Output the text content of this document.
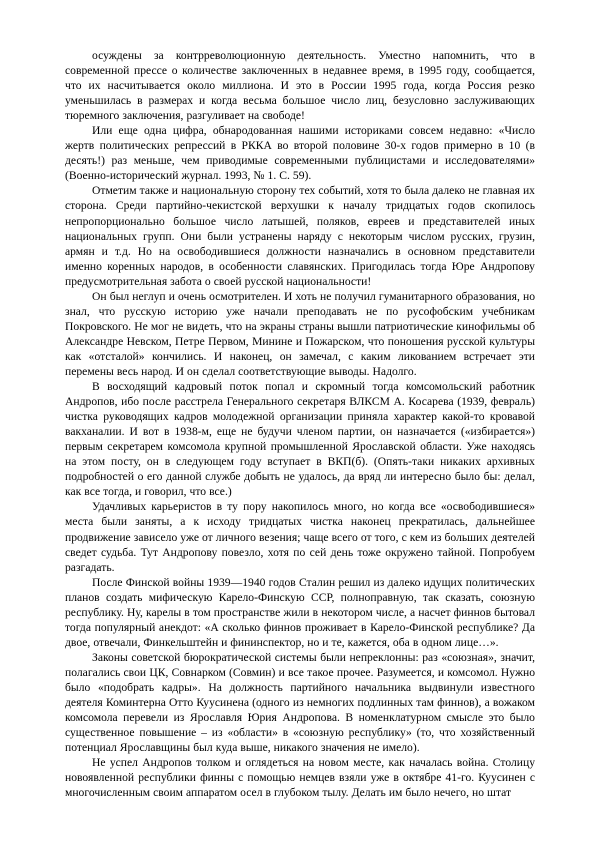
осуждены за контрреволюционную деятельность. Уместно напомнить, что в современной прессе о количестве заключенных в недавнее время, в 1995 году, сообщается, что их насчитывается около миллиона. И это в России 1995 года, когда Россия резко уменьшилась в размерах и когда весьма большое число лиц, безусловно заслуживающих тюремного заключения, разгуливает на свободе!

Или еще одна цифра, обнародованная нашими историками совсем недавно: «Число жертв политических репрессий в РККА во второй половине 30-х годов примерно в 10 (в десять!) раз меньше, чем приводимые современными публицистами и исследователями» (Военно-исторический журнал. 1993, № 1. С. 59).

Отметим также и национальную сторону тех событий, хотя то была далеко не главная их сторона. Среди партийно-чекистской верхушки к началу тридцатых годов скопилось непропорционально большое число латышей, поляков, евреев и представителей иных национальных групп. Они были устранены наряду с некоторым числом русских, грузин, армян и т.д. Но на освободившиеся должности назначались в основном представители именно коренных народов, в особенности славянских. Пригодилась тогда Юре Андропову предусмотрительная забота о своей русской национальности!

Он был неглуп и очень осмотрителен. И хоть не получил гуманитарного образования, но знал, что русскую историю уже начали преподавать не по русофобским учебникам Покровского. Не мог не видеть, что на экраны страны вышли патриотические кинофильмы об Александре Невском, Петре Первом, Минине и Пожарском, что поношения русской культуры как «отсталой» кончились. И наконец, он замечал, с каким ликованием встречает эти перемены весь народ. И он сделал соответствующие выводы. Надолго.

В восходящий кадровый поток попал и скромный тогда комсомольский работник Андропов, ибо после расстрела Генерального секретаря ВЛКСМ А. Косарева (1939, февраль) чистка руководящих кадров молодежной организации приняла характер какой-то кровавой вакханалии. И вот в 1938-м, еще не будучи членом партии, он назначается («избирается») первым секретарем комсомола крупной промышленной Ярославской области. Уже находясь на этом посту, он в следующем году вступает в ВКП(б). (Опять-таки никаких архивных подробностей о его данной службе добыть не удалось, да вряд ли интересно было бы: делал, как все тогда, и говорил, что все.)

Удачливых карьеристов в ту пору накопилось много, но когда все «освободившиеся» места были заняты, а к исходу тридцатых чистка наконец прекратилась, дальнейшее продвижение зависело уже от личного везения; чаще всего от того, с кем из больших деятелей сведет судьба. Тут Андропову повезло, хотя по сей день тоже окружено тайной. Попробуем разгадать.

После Финской войны 1939—1940 годов Сталин решил из далеко идущих политических планов создать мифическую Карело-Финскую ССР, полноправную, так сказать, союзную республику. Ну, карелы в том пространстве жили в некотором числе, а насчет финнов бытовал тогда популярный анекдот: «А сколько финнов проживает в Карело-Финской республике? Да двое, отвечали, Финкельштейн и фининспектор, но и те, кажется, оба в одном лице…».

Законы советской бюрократической системы были непреклонны: раз «союзная», значит, полагались свои ЦК, Совнарком (Совмин) и все такое прочее. Разумеется, и комсомол. Нужно было «подобрать кадры». На должность партийного начальника выдвинули известного деятеля Коминтерна Отто Куусинена (одного из немногих подлинных там финнов), а вожаком комсомола перевели из Ярославля Юрия Андропова. В номенклатурном смысле это было существенное повышение – из «области» в «союзную республику» (то, что хозяйственный потенциал Ярославщины был куда выше, никакого значения не имело).

Не успел Андропов толком и оглядеться на новом месте, как началась война. Столицу новоявленной республики финны с помощью немцев взяли уже в октябре 41-го. Куусинен с многочисленным своим аппаратом осел в глубоком тылу. Делать им было нечего, но штат
